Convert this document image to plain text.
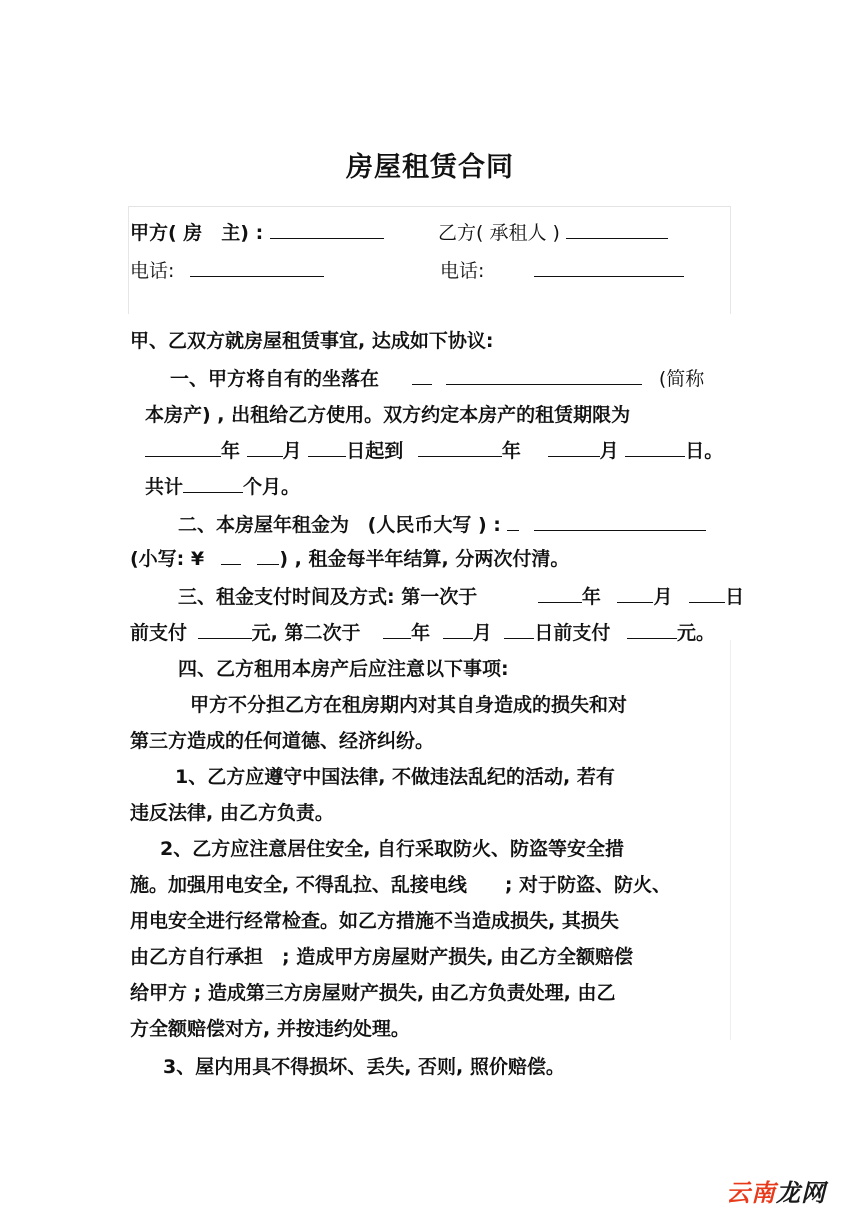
房屋租赁合同
甲方( 房　主) :	乙方( 承租人 )
电话:	电话:
甲、乙双方就房屋租赁事宜, 达成如下协议:
一、甲方将自有的坐落在	(简称
本房产) , 出租给乙方使用。双方约定本房产的租赁期限为
年 月 日起到	年	月	日。
共计	个月。
二、本房屋年租金为 (人民币大写 ) :
(小写: ¥	) , 租金每半年结算, 分两次付清。
三、租金支付时间及方式: 第一次于	年	月	日
前支付	元, 第二次于	年 月 日前支付	元。
四、乙方租用本房产后应注意以下事项:
甲方不分担乙方在租房期内对其自身造成的损失和对
第三方造成的任何道德、经济纠纷。
1、乙方应遵守中国法律, 不做违法乱纪的活动, 若有
违反法律, 由乙方负责。
2、乙方应注意居住安全, 自行采取防火、防盗等安全措
施。加强用电安全, 不得乱拉、乱接电线　　; 对于防盗、防火、
用电安全进行经常检查。如乙方措施不当造成损失, 其损失
由乙方自行承担　; 造成甲方房屋财产损失, 由乙方全额赔偿
给甲方 ; 造成第三方房屋财产损失, 由乙方负责处理, 由乙
方全额赔偿对方, 并按违约处理。
3、屋内用具不得损坏、丢失, 否则, 照价赔偿。
云南龙网
